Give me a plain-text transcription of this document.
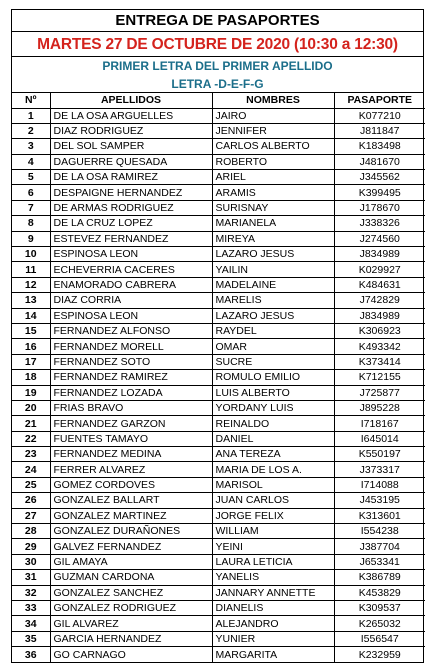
ENTREGA DE PASAPORTES
MARTES 27 DE OCTUBRE DE 2020 (10:30 a 12:30)
PRIMER LETRA DEL PRIMER APELLIDO
LETRA -D-E-F-G
Nº	APELLIDOS	NOMBRES	PASAPORTE
1	DE LA OSA ARGUELLES	JAIRO	K077210
2	DIAZ RODRIGUEZ	JENNIFER	J811847
3	DEL SOL SAMPER	CARLOS ALBERTO	K183498
4	DAGUERRE QUESADA	ROBERTO	J481670
5	DE LA OSA RAMIREZ	ARIEL	J345562
6	DESPAIGNE HERNANDEZ	ARAMIS	K399495
7	DE ARMAS RODRIGUEZ	SURISNAY	J178670
8	DE LA CRUZ LOPEZ	MARIANELA	J338326
9	ESTEVEZ FERNANDEZ	MIREYA	J274560
10	ESPINOSA LEON	LAZARO JESUS	J834989
11	ECHEVERRIA CACERES	YAILIN	K029927
12	ENAMORADO CABRERA	MADELAINE	K484631
13	DIAZ CORRIA	MARELIS	J742829
14	ESPINOSA LEON	LAZARO JESUS	J834989
15	FERNANDEZ ALFONSO	RAYDEL	K306923
16	FERNANDEZ MORELL	OMAR	K493342
17	FERNANDEZ SOTO	SUCRE	K373414
18	FERNANDEZ RAMIREZ	ROMULO EMILIO	K712155
19	FERNANDEZ LOZADA	LUIS ALBERTO	J725877
20	FRIAS BRAVO	YORDANY LUIS	J895228
21	FERNANDEZ GARZON	REINALDO	I718167
22	FUENTES TAMAYO	DANIEL	I645014
23	FERNANDEZ MEDINA	ANA TEREZA	K550197
24	FERRER ALVAREZ	MARIA DE LOS A.	J373317
25	GOMEZ CORDOVES	MARISOL	I714088
26	GONZALEZ BALLART	JUAN CARLOS	J453195
27	GONZALEZ MARTINEZ	JORGE FELIX	K313601
28	GONZALEZ DURAÑONES	WILLIAM	I554238
29	GALVEZ FERNANDEZ	YEINI	J387704
30	GIL AMAYA	LAURA LETICIA	J653341
31	GUZMAN CARDONA	YANELIS	K386789
32	GONZALEZ SANCHEZ	JANNARY ANNETTE	K453829
33	GONZALEZ RODRIGUEZ	DIANELIS	K309537
34	GIL ALVAREZ	ALEJANDRO	K265032
35	GARCIA HERNANDEZ	YUNIER	I556547
36	GO CARNAGO	MARGARITA	K232959
